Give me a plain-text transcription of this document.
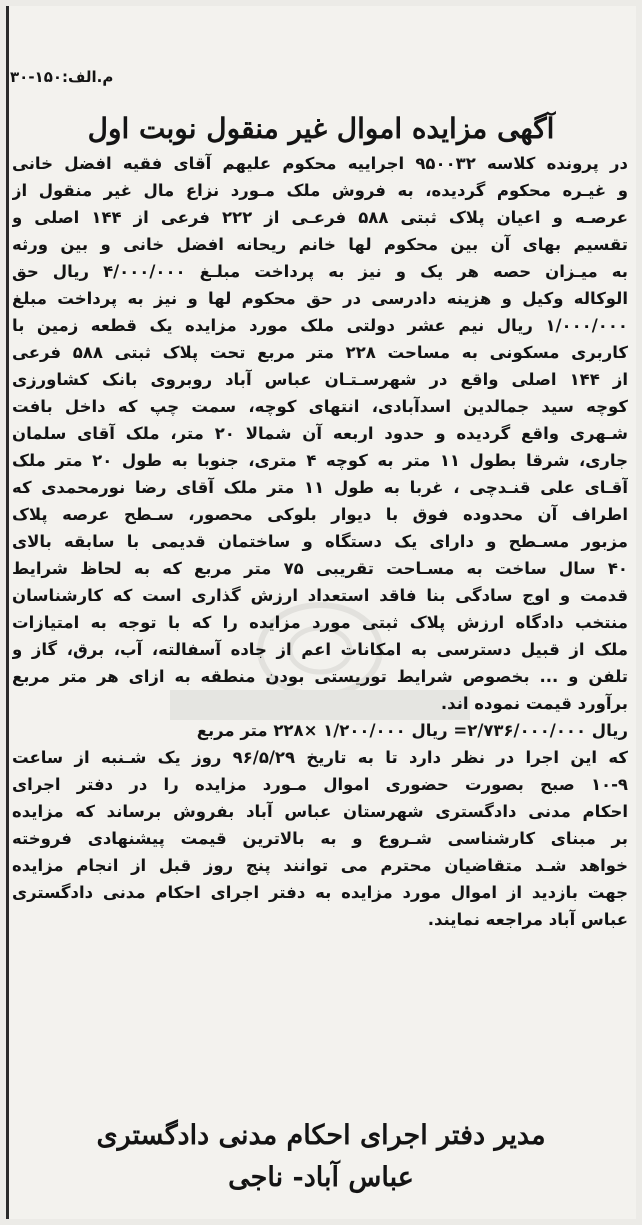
م.الف:۱۵۰-۳۰
آگهی مزایده اموال غیر منقول نوبت اول
در پرونده کلاسه ۹۵۰۰۳۲ اجراییه محکوم علیهم آقای فقیه افضل خانی
و غیـره محکوم گردیده، به فروش ملک مـورد نزاع مال غیر منقول از
عرصـه و اعیان پلاک ثبتی ۵۸۸ فرعـی از ۲۲۲ فرعی از ۱۴۴ اصلی و
تقسیم بهای آن بین محکوم لها خانم ریحانه افضل خانی و بین ورثه
به میـزان حصه هر یک و نیز به پرداخت مبلـغ ۴/۰۰۰/۰۰۰ ریال حق
الوکاله وکیل و هزینه دادرسی در حق محکوم لها و نیز به پرداخت مبلغ
۱/۰۰۰/۰۰۰ ریال نیم عشر دولتی ملک مورد مزایده یک قطعه زمین با
کاربری مسکونی به مساحت ۲۲۸ متر مربع تحت پلاک ثبتی ۵۸۸ فرعی
از ۱۴۴ اصلی واقع در شهرسـتـان عباس آباد روبروی بانک کشاورزی
کوچه سید جمالدین اسدآبادی، انتهای کوچه، سمت چپ که داخل بافت
شـهری واقع گردیده و حدود اربعه آن شمالا ۲۰ متر، ملک آقای سلمان
جاری، شرقا بطول ۱۱ متر به کوچه ۴ متری، جنوبا به طول ۲۰ متر ملک
آقـای علی قنـدچی ، غربا به طول ۱۱ متر ملک آقای رضا نورمحمدی که
اطراف آن محدوده فوق با دیوار بلوکی محصور، سـطح عرصه پلاک
مزبور مسـطح و دارای یک دستگاه و ساختمان قدیمی با سابقه بالای
۴۰ سال ساخت به مسـاحت تقریبی ۷۵ متر مربع که به لحاظ شرایط
قدمت و اوج سادگی بنا فاقد استعداد ارزش گذاری است که کارشناسان
منتخب دادگاه ارزش پلاک ثبتی مورد مزایده را که با توجه به امتیازات
ملک از قبیل دسترسی به امکانات اعم از جاده آسفالته، آب، برق، گاز و
تلفن و ... بخصوص شرایط توریستی بودن منطقه به ازای هر متر مربع
برآورد قیمت نموده اند.
ریال ۲/۷۳۶/۰۰۰/۰۰۰= ریال ۱/۲۰۰/۰۰۰ ×۲۲۸ متر مربع
که این اجرا در نظر دارد تا به تاریخ ۹۶/۵/۲۹ روز یک شـنبه از ساعت
۱۰-۹ صبح بصورت حضوری اموال مـورد مزایده را در دفتر اجرای
احکام مدنی دادگستری شهرستان عباس آباد بفروش برساند که مزایده
بر مبنای کارشناسی شـروع و به بالاترین قیمت پیشنهادی فروخته
خواهد شـد متقاضیان محترم می توانند پنج روز قبل از انجام مزایده
جهت بازدید از اموال مورد مزایده به دفتر اجرای احکام مدنی دادگستری
عباس آباد مراجعه نمایند.
مدیر دفتر اجرای احکام مدنی دادگستری
عباس آباد- ناجی
